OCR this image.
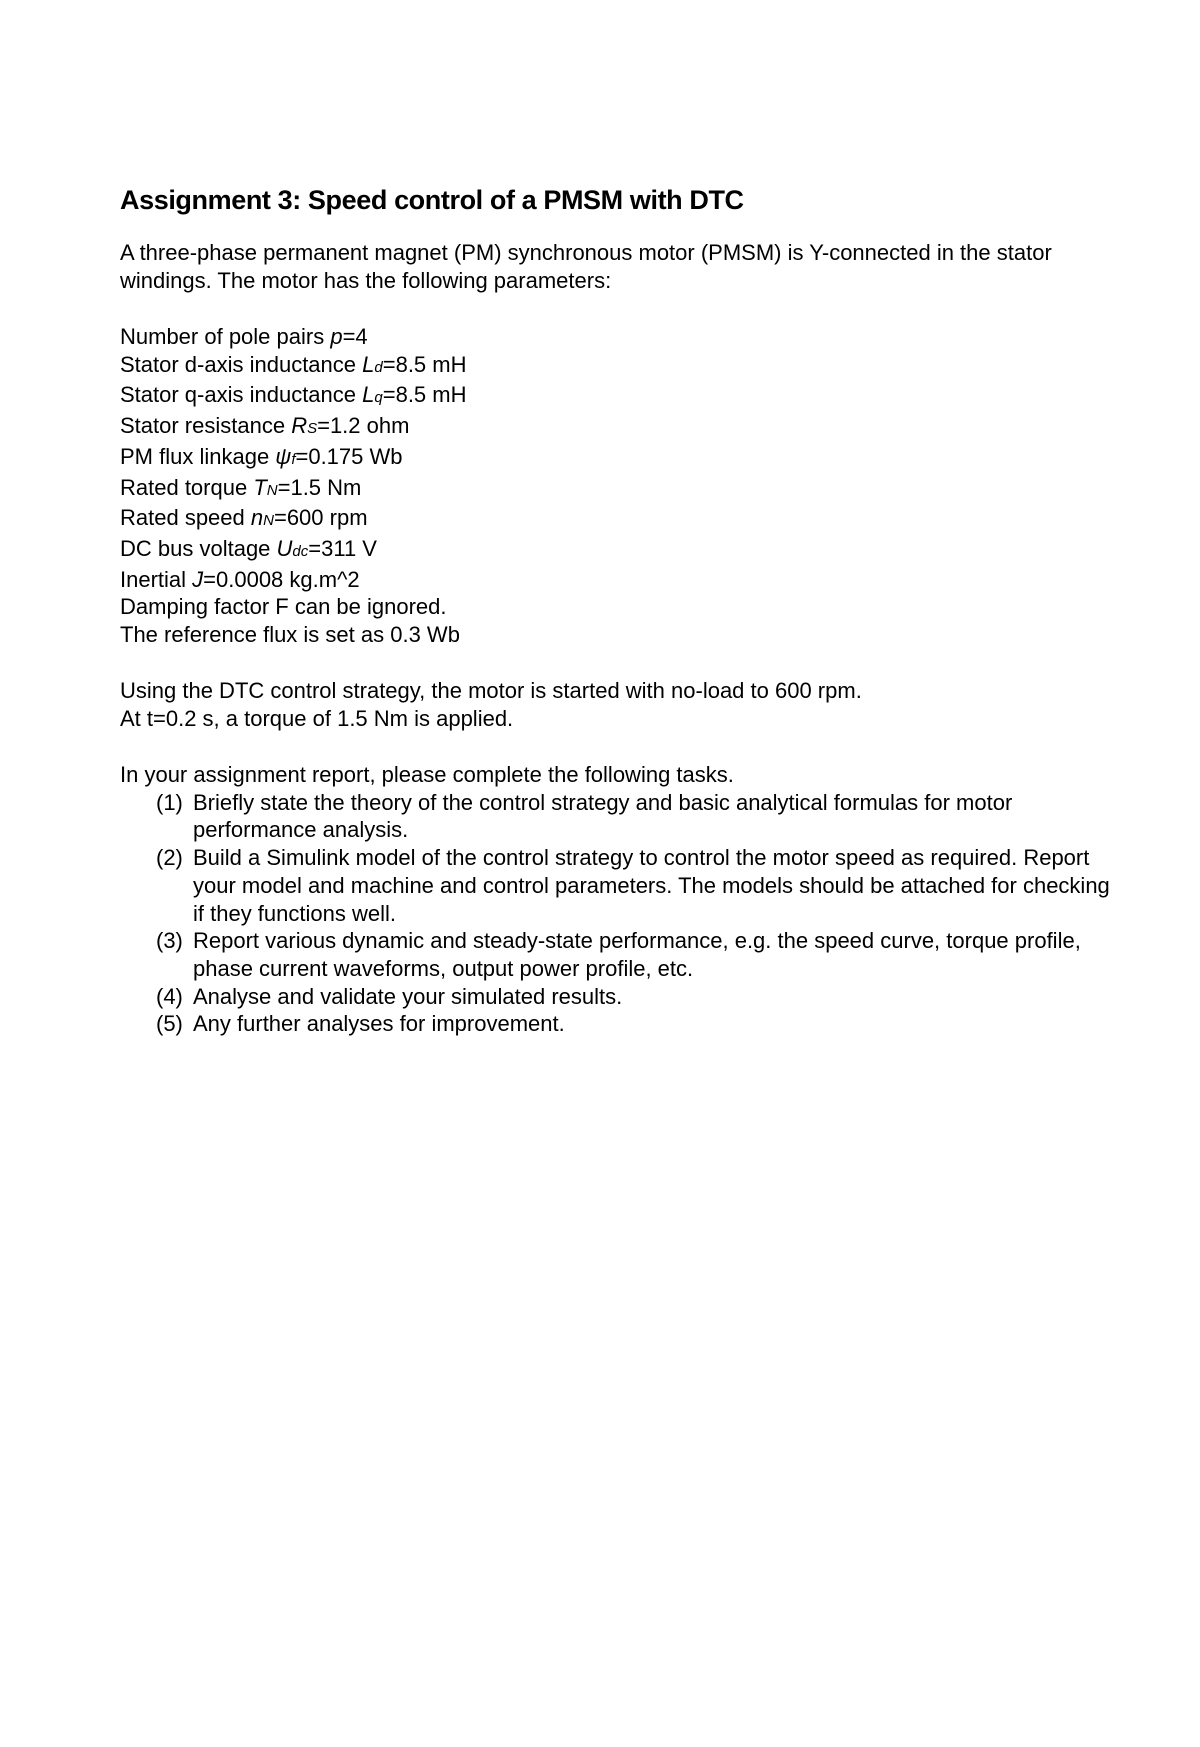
Assignment 3: Speed control of a PMSM with DTC
A three-phase permanent magnet (PM) synchronous motor (PMSM) is Y-connected in the stator windings. The motor has the following parameters:
Number of pole pairs p=4
Stator d-axis inductance Ld=8.5 mH
Stator q-axis inductance Lq=8.5 mH
Stator resistance RS=1.2 ohm
PM flux linkage ψf=0.175 Wb
Rated torque TN=1.5 Nm
Rated speed nN=600 rpm
DC bus voltage Udc=311 V
Inertial J=0.0008 kg.m^2
Damping factor F can be ignored.
The reference flux is set as 0.3 Wb
Using the DTC control strategy, the motor is started with no-load to 600 rpm.
At t=0.2 s, a torque of 1.5 Nm is applied.
In your assignment report, please complete the following tasks.
(1) Briefly state the theory of the control strategy and basic analytical formulas for motor performance analysis.
(2) Build a Simulink model of the control strategy to control the motor speed as required. Report your model and machine and control parameters. The models should be attached for checking if they functions well.
(3) Report various dynamic and steady-state performance, e.g. the speed curve, torque profile, phase current waveforms, output power profile, etc.
(4) Analyse and validate your simulated results.
(5) Any further analyses for improvement.
